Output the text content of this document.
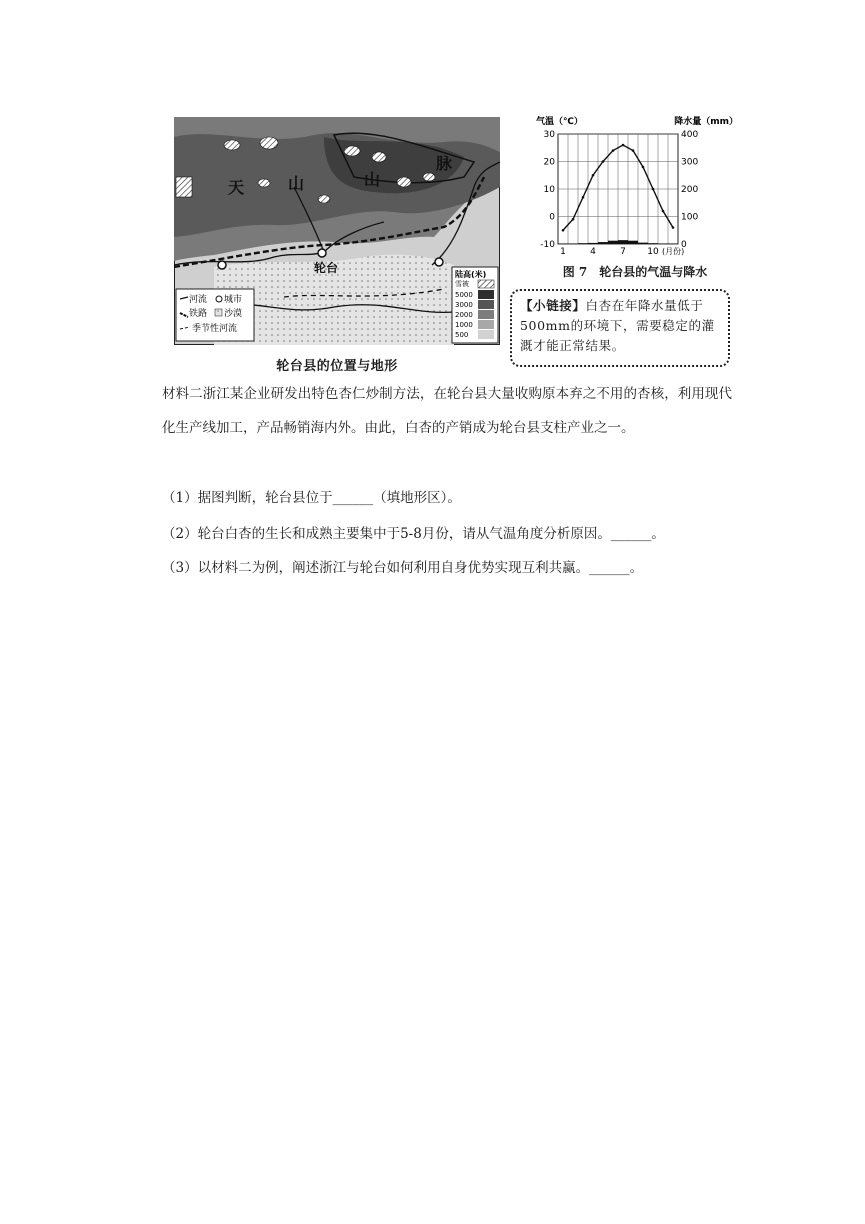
天	山	山
脉
轮台
河流 城市
铁路 沙漠
季节性河流
陆高(米)
雪被
5000
3000
2000
1000
500
轮台县的位置与地形
30
20
10
0
-10
400
300
200
100
0
1	4	7 10 (月份)
气温（℃）	降水量（mm）
图 7　轮台县的气温与降水
【小链接】白杏在年降水量低于500mm的环境下，需要稳定的灌溉才能正常结果。

材料二浙江某企业研发出特色杏仁炒制方法，在轮台县大量收购原本弃之不用的杏核，利用现代化生产线加工，产品畅销海内外。由此，白杏的产销成为轮台县支柱产业之一。

（1）据图判断，轮台县位于______（填地形区）。

（2）轮台白杏的生长和成熟主要集中于5-8月份，请从气温角度分析原因。______。

（3）以材料二为例，阐述浙江与轮台如何利用自身优势实现互利共赢。______。
